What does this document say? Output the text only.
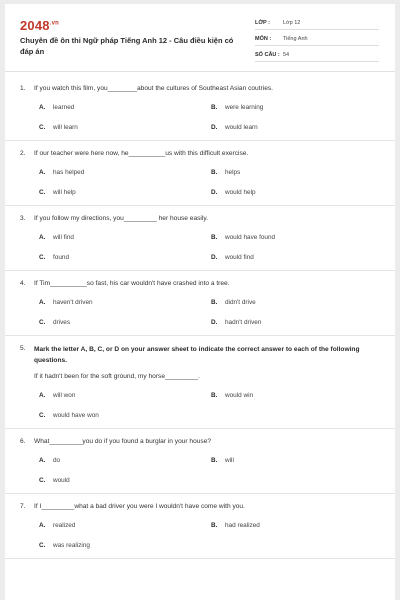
$2048^{.vn}$
Chuyên đề ôn thi Ngữ pháp Tiếng Anh 12 - Câu điều kiện có đáp án
LỚP :	Lớp 12
MÔN :	Tiếng Anh
SỐ CÂU : 54
1.	If you watch this film, you________about the cultures of Southeast Asian coutries.
A.	learned	B.	were learning
C.	will learn	D.	would learn
2.	If our teacher were here now, he__________us with this difficult exercise.
A.	has helped	B.	helps
C.	will help	D.	would help
3.	If you follow my directions, you_________ her house easily.
A.	will find	B.	would have found
C.	found	D.	would find
4.	If Tim__________so fast, his car wouldn't have crashed into a tree.
A.	haven't driven	B.	didn't drive
C.	drives	D.	hadn't driven
5.	Mark the letter A, B, C, or D on your answer sheet to indicate the correct answer to each of the following questions.
If it hadn't been for the soft ground, my horse_________.
A.	will won	B.	would win
C.	would have won
6.	What_________you do if you found a burglar in your house?
A.	do	B.	will
C.	would
7.	If I_________what a bad driver you were I wouldn't have come with you.
A.	realized	B.	had realized
C.	was realizing
